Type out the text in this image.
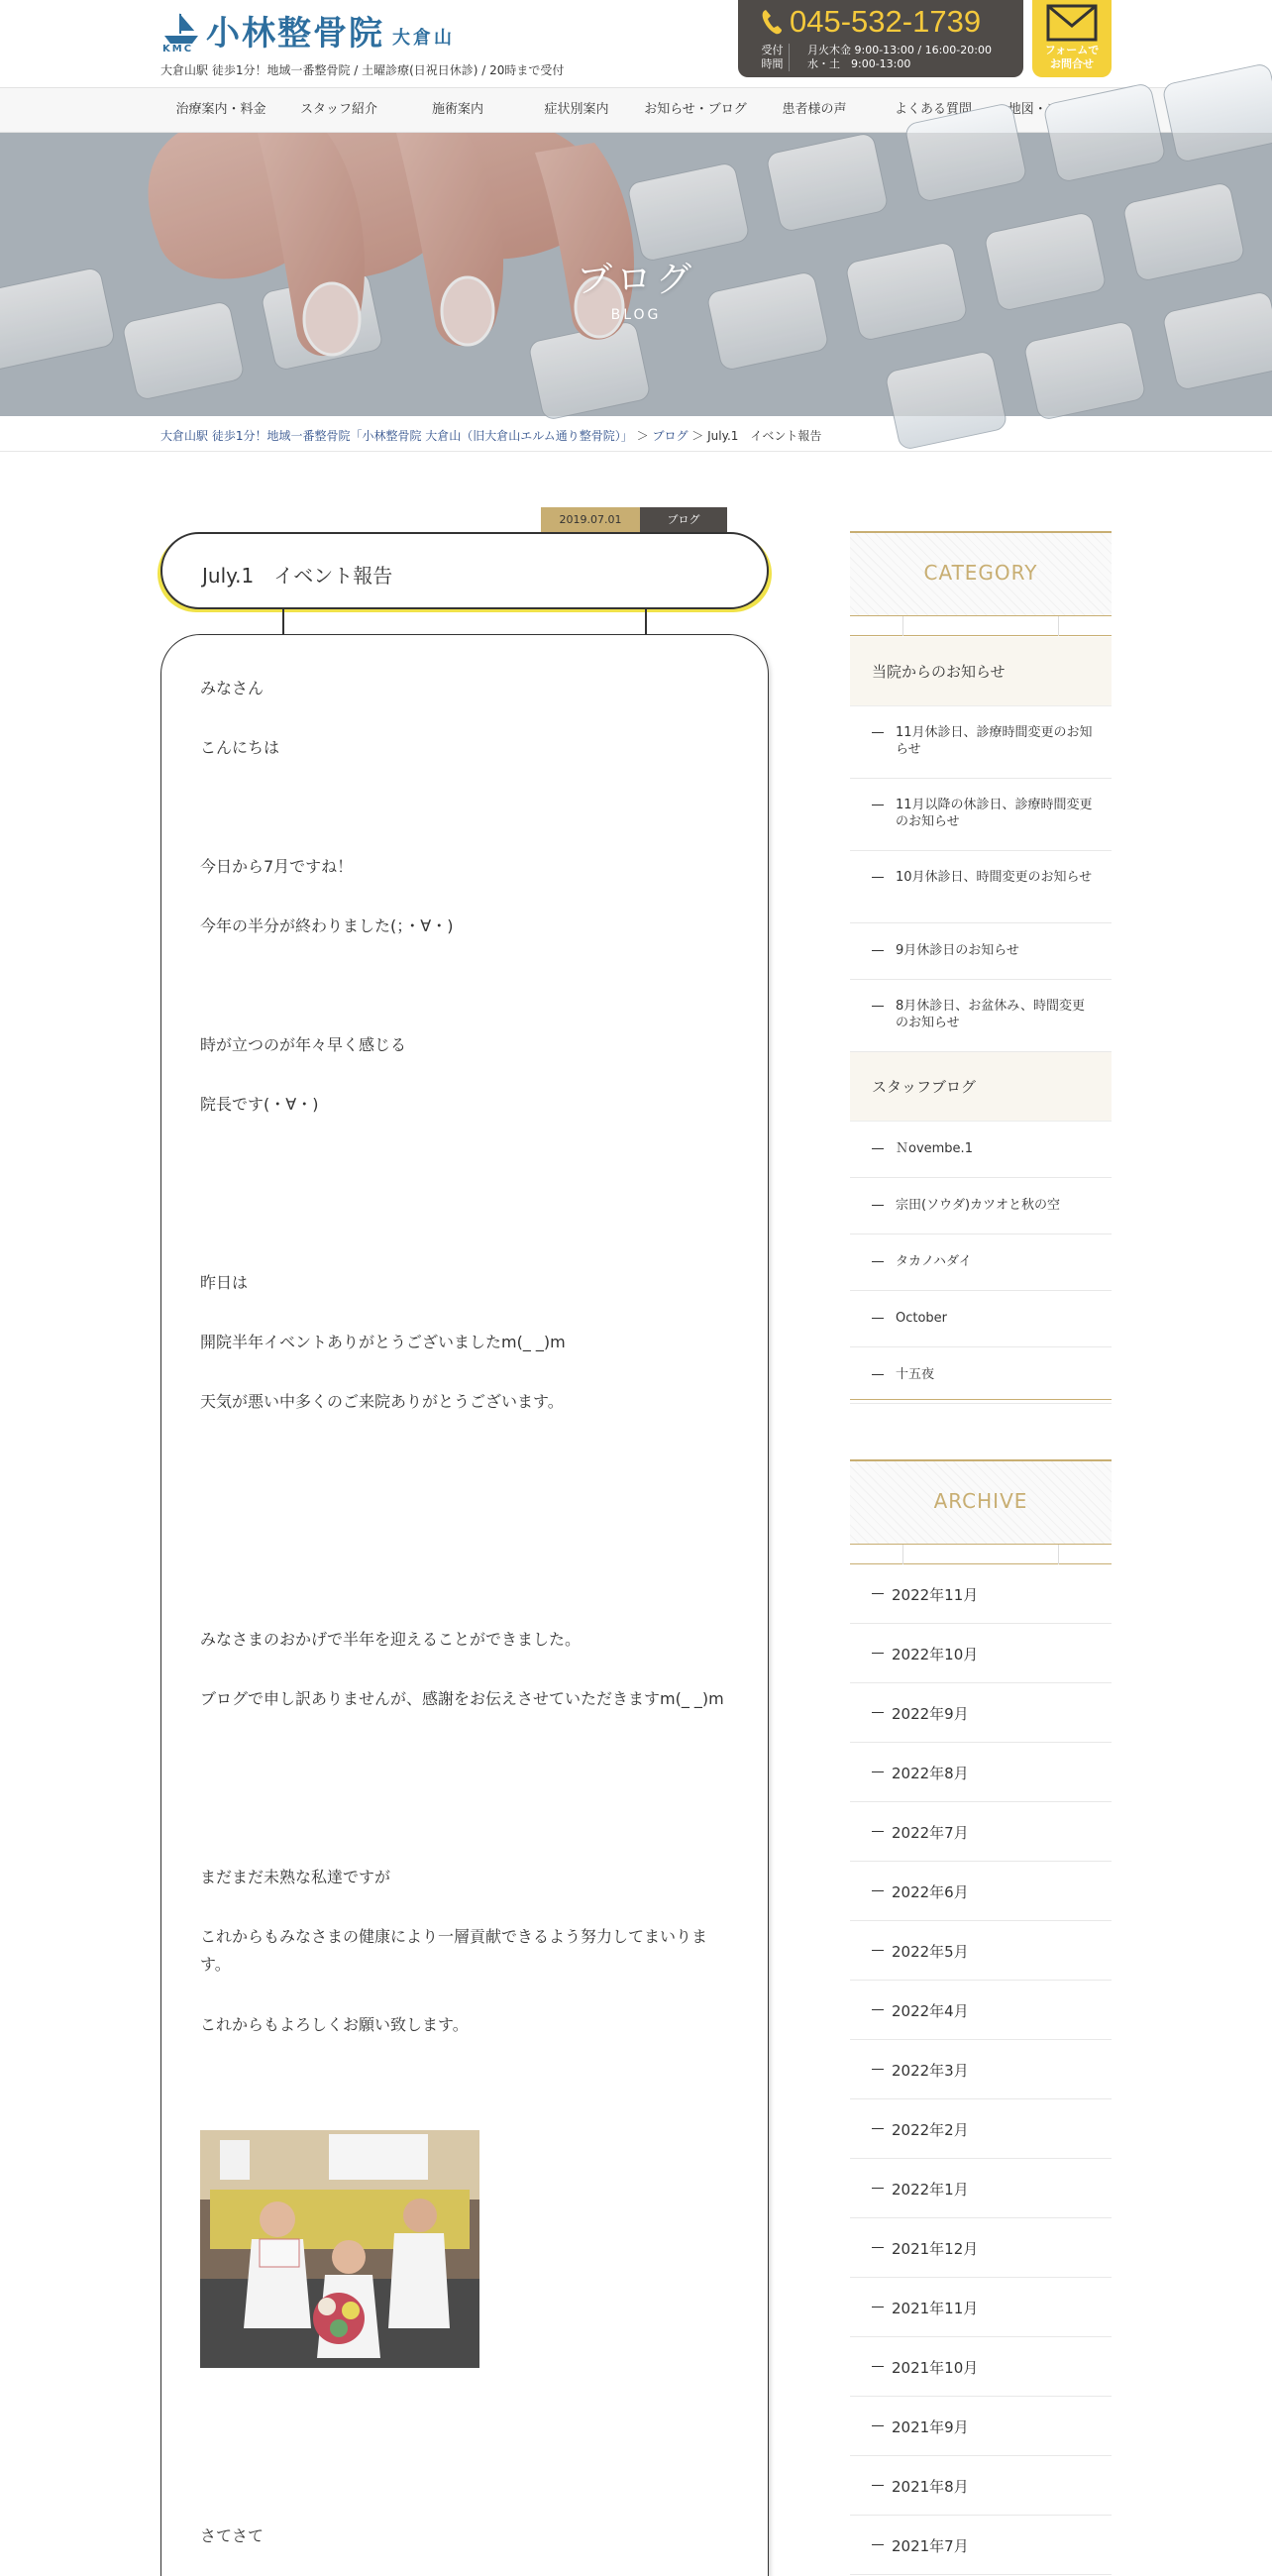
KMC 小林整骨院 大倉山
大倉山駅 徒歩1分！地域一番整骨院 / 土曜診療(日祝日休診) / 20時まで受付
045-532-1739
受付時間
月火木金 9:00-13:00 / 16:00-20:00
水・土　9:00-13:00
フォームで
お問合せ
治療案内・料金	スタッフ紹介	施術案内	症状別案内	お知らせ・ブログ	患者様の声	よくある質問
ブログ
BLOG
大倉山駅 徒歩1分！地域一番整骨院「小林整骨院 大倉山（旧大倉山エルム通り整骨院）」 ＞ ブログ ＞ July.1　イベント報告
2019.07.01	ブログ
July.1　イベント報告
みなさん
こんにちは
今日から7月ですね！
今年の半分が終わりました(；・∀・)
時が立つのが年々早く感じる
院長です(・∀・)
昨日は
開院半年イベントありがとうございましたm(_ _)m
天気が悪い中多くのご来院ありがとうございます。
みなさまのおかげで半年を迎えることができました。
ブログで申し訳ありませんが、感謝をお伝えさせていただきますm(_ _)m
まだまだ未熟な私達ですが
これからもみなさまの健康により一層貢献できるよう努力してまいります。
これからもよろしくお願い致します。
さてさて
CATEGORY
当院からのお知らせ
11月休診日、診療時間変更のお知らせ
11月以降の休診日、診療時間変更のお知らせ
10月休診日、時間変更のお知らせ
9月休診日のお知らせ
8月休診日、お盆休み、時間変更のお知らせ
スタッフブログ
Ｎovembe.1
宗田(ソウダ)カツオと秋の空
タカノハダイ
October
十五夜
ARCHIVE
2022年11月
2022年10月
2022年9月
2022年8月
2022年7月
2022年6月
2022年5月
2022年4月
2022年3月
2022年2月
2022年1月
2021年12月
2021年11月
2021年10月
2021年9月
2021年8月
2021年7月
